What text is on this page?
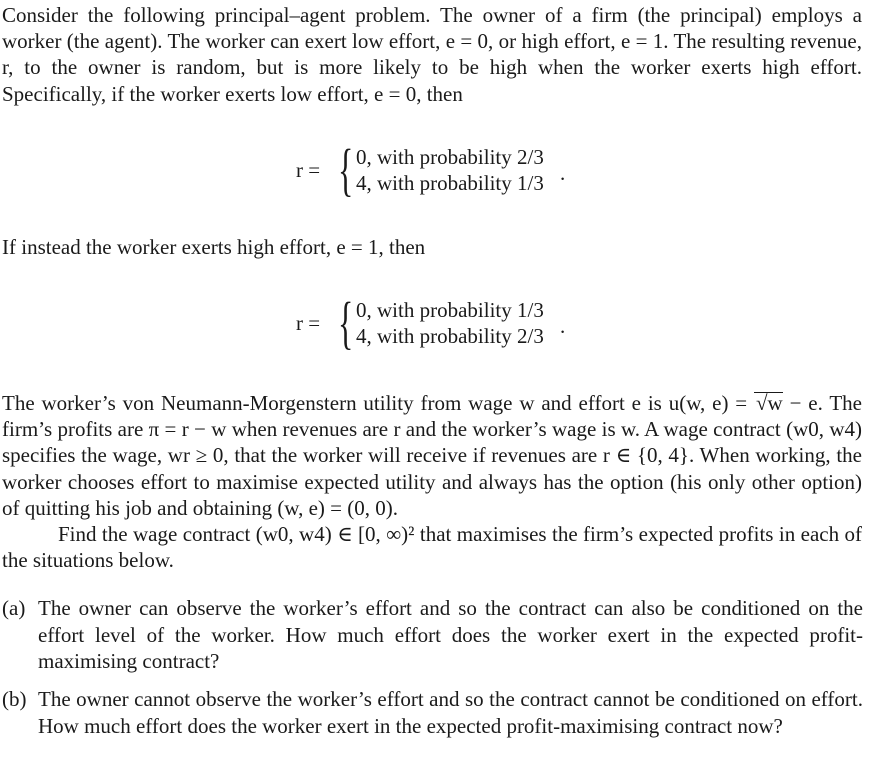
Consider the following principal–agent problem. The owner of a firm (the principal) employs a worker (the agent). The worker can exert low effort, e = 0, or high effort, e = 1. The resulting revenue, r, to the owner is random, but is more likely to be high when the worker exerts high effort. Specifically, if the worker exerts low effort, e = 0, then

r = { 0, with probability 2/3
4, with probability 1/3 .

If instead the worker exerts high effort, e = 1, then

r = { 0, with probability 1/3
4, with probability 2/3 .

The worker’s von Neumann-Morgenstern utility from wage w and effort e is u(w, e) = √w − e. The firm’s profits are π = r − w when revenues are r and the worker’s wage is w. A wage contract (w0, w4) specifies the wage, wr ≥ 0, that the worker will receive if revenues are r ∈ {0, 4}. When working, the worker chooses effort to maximise expected utility and always has the option (his only other option) of quitting his job and obtaining (w, e) = (0, 0).

Find the wage contract (w0, w4) ∈ [0, ∞)² that maximises the firm’s expected profits in each of the situations below.

(a) The owner can observe the worker’s effort and so the contract can also be conditioned on the effort level of the worker. How much effort does the worker exert in the expected profit-maximising contract?
(b) The owner cannot observe the worker’s effort and so the contract cannot be conditioned on effort. How much effort does the worker exert in the expected profit-maximising contract now?
